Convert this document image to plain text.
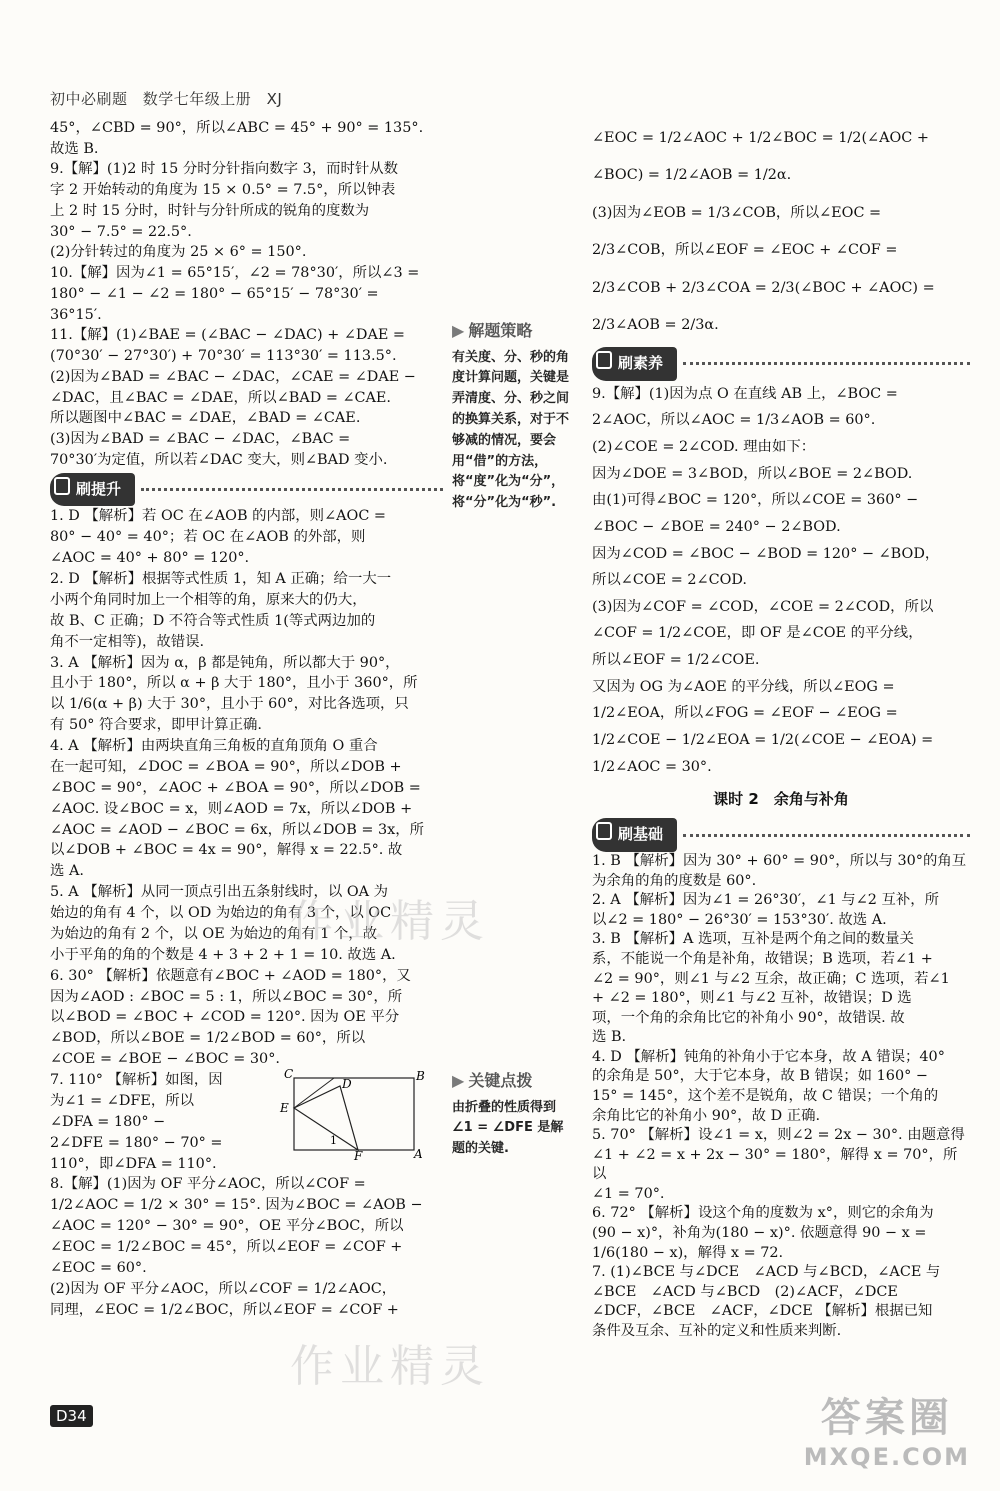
初中必刷题 数学七年级上册 XJ

45°，∠CBD = 90°，所以∠ABC = 45° + 90° = 135°.

故选 B.

9.【解】(1)2 时 15 分时分针指向数字 3，而时针从数

字 2 开始转动的角度为 15 × 0.5° = 7.5°，所以钟表

上 2 时 15 分时，时针与分针所成的锐角的度数为

30° − 7.5° = 22.5°.

(2)分针转过的角度为 25 × 6° = 150°.

10.【解】因为∠1 = 65°15′，∠2 = 78°30′，所以∠3 =

180° − ∠1 − ∠2 = 180° − 65°15′ − 78°30′ =

36°15′.

11.【解】(1)∠BAE = (∠BAC − ∠DAC) + ∠DAE =

(70°30′ − 27°30′) + 70°30′ = 113°30′ = 113.5°.

(2)因为∠BAD = ∠BAC − ∠DAC，∠CAE = ∠DAE −

∠DAC，且∠BAC = ∠DAE，所以∠BAD = ∠CAE.

所以题图中∠BAC = ∠DAE，∠BAD = ∠CAE.

(3)因为∠BAD = ∠BAC − ∠DAC，∠BAC =

70°30′为定值，所以若∠DAC 变大，则∠BAD 变小.

刷提升

1. D 【解析】若 OC 在∠AOB 的内部，则∠AOC =

80° − 40° = 40°；若 OC 在∠AOB 的外部，则

∠AOC = 40° + 80° = 120°.

2. D 【解析】根据等式性质 1，知 A 正确；给一大一

小两个角同时加上一个相等的角，原来大的仍大，

故 B、C 正确；D 不符合等式性质 1(等式两边加的

角不一定相等)，故错误.

3. A 【解析】因为 α，β 都是钝角，所以都大于 90°，

且小于 180°，所以 α + β 大于 180°，且小于 360°，所

以 1/6(α + β) 大于 30°，且小于 60°，对比各选项，只

有 50° 符合要求，即甲计算正确.

4. A 【解析】由两块直角三角板的直角顶角 O 重合

在一起可知，∠DOC = ∠BOA = 90°，所以∠DOB +

∠BOC = 90°，∠AOC + ∠BOA = 90°，所以∠DOB =

∠AOC. 设∠BOC = x，则∠AOD = 7x，所以∠DOB +

∠AOC = ∠AOD − ∠BOC = 6x，所以∠DOB = 3x，所

以∠DOB + ∠BOC = 4x = 90°，解得 x = 22.5°. 故

选 A.

5. A 【解析】从同一顶点引出五条射线时，以 OA 为

始边的角有 4 个，以 OD 为始边的角有 3 个，以 OC

为始边的角有 2 个，以 OE 为始边的角有 1 个，故

小于平角的角的个数是 4 + 3 + 2 + 1 = 10. 故选 A.

6. 30° 【解析】依题意有∠BOC + ∠AOD = 180°，又

因为∠AOD : ∠BOC = 5 : 1，所以∠BOC = 30°，所

以∠BOD = ∠BOC + ∠COD = 120°. 因为 OE 平分

∠BOD，所以∠BOE = 1/2∠BOD = 60°，所以

∠COE = ∠BOE − ∠BOC = 30°.

7. 110° 【解析】如图，因

为∠1 = ∠DFE，所以

∠DFA = 180° −

2∠DFE = 180° − 70° =

110°，即∠DFA = 110°.

8.【解】(1)因为 OF 平分∠AOC，所以∠COF =

1/2∠AOC = 1/2 × 30° = 15°. 因为∠BOC = ∠AOB −

∠AOC = 120° − 30° = 90°，OE 平分∠BOC，所以

∠EOC = 1/2∠BOC = 45°，所以∠EOF = ∠COF +

∠EOC = 60°.

(2)因为 OF 平分∠AOC，所以∠COF = 1/2∠AOC，

同理，∠EOC = 1/2∠BOC，所以∠EOF = ∠COF +

▶ 解题策略
有关度、分、秒的角度计算问题，关键是弄清度、分、秒之间的换算关系，对于不够减的情况，要会用“借”的方法，将“度”化为“分”，将“分”化为“秒”.
▶ 关键点拨
由折叠的性质得到∠1 = ∠DFE 是解题的关键.
C
D
B
E
1
F	A

∠EOC = 1/2∠AOC + 1/2∠BOC = 1/2(∠AOC +

∠BOC) = 1/2∠AOB = 1/2α.

(3)因为∠EOB = 1/3∠COB，所以∠EOC =

2/3∠COB，所以∠EOF = ∠EOC + ∠COF =

2/3∠COB + 2/3∠COA = 2/3(∠BOC + ∠AOC) =

2/3∠AOB = 2/3α.

刷素养

9.【解】(1)因为点 O 在直线 AB 上，∠BOC =

2∠AOC，所以∠AOC = 1/3∠AOB = 60°.

(2)∠COE = 2∠COD. 理由如下：

因为∠DOE = 3∠BOD，所以∠BOE = 2∠BOD.

由(1)可得∠BOC = 120°，所以∠COE = 360° −

∠BOC − ∠BOE = 240° − 2∠BOD.

因为∠COD = ∠BOC − ∠BOD = 120° − ∠BOD，

所以∠COE = 2∠COD.

(3)因为∠COF = ∠COD，∠COE = 2∠COD，所以

∠COF = 1/2∠COE，即 OF 是∠COE 的平分线，

所以∠EOF = 1/2∠COE.

又因为 OG 为∠AOE 的平分线，所以∠EOG =

1/2∠EOA，所以∠FOG = ∠EOF − ∠EOG =

1/2∠COE − 1/2∠EOA = 1/2(∠COE − ∠EOA) =

1/2∠AOC = 30°.

课时 2　余角与补角
刷基础

1. B 【解析】因为 30° + 60° = 90°，所以与 30°的角互

为余角的角的度数是 60°.

2. A 【解析】因为∠1 = 26°30′，∠1 与∠2 互补，所

以∠2 = 180° − 26°30′ = 153°30′. 故选 A.

3. B 【解析】A 选项，互补是两个角之间的数量关

系，不能说一个角是补角，故错误；B 选项，若∠1 +

∠2 = 90°，则∠1 与∠2 互余，故正确；C 选项，若∠1

+ ∠2 = 180°，则∠1 与∠2 互补，故错误；D 选

项，一个角的余角比它的补角小 90°，故错误. 故

选 B.

4. D 【解析】钝角的补角小于它本身，故 A 错误；40°

的余角是 50°，大于它本身，故 B 错误；如 160° −

15° = 145°，这个差不是锐角，故 C 错误；一个角的

余角比它的补角小 90°，故 D 正确.

5. 70° 【解析】设∠1 = x，则∠2 = 2x − 30°. 由题意得

∠1 + ∠2 = x + 2x − 30° = 180°，解得 x = 70°，所以

∠1 = 70°.

6. 72° 【解析】设这个角的度数为 x°，则它的余角为

(90 − x)°，补角为(180 − x)°. 依题意得 90 − x =

1/6(180 − x)，解得 x = 72.

7. (1)∠BCE 与∠DCE　∠ACD 与∠BCD，∠ACE 与

∠BCE　∠ACD 与∠BCD　(2)∠ACF，∠DCE

∠DCF，∠BCE　∠ACF，∠DCE 【解析】根据已知

条件及互余、互补的定义和性质来判断.

D34
作业精灵
作业精灵
答案圈
MXQE.COM
